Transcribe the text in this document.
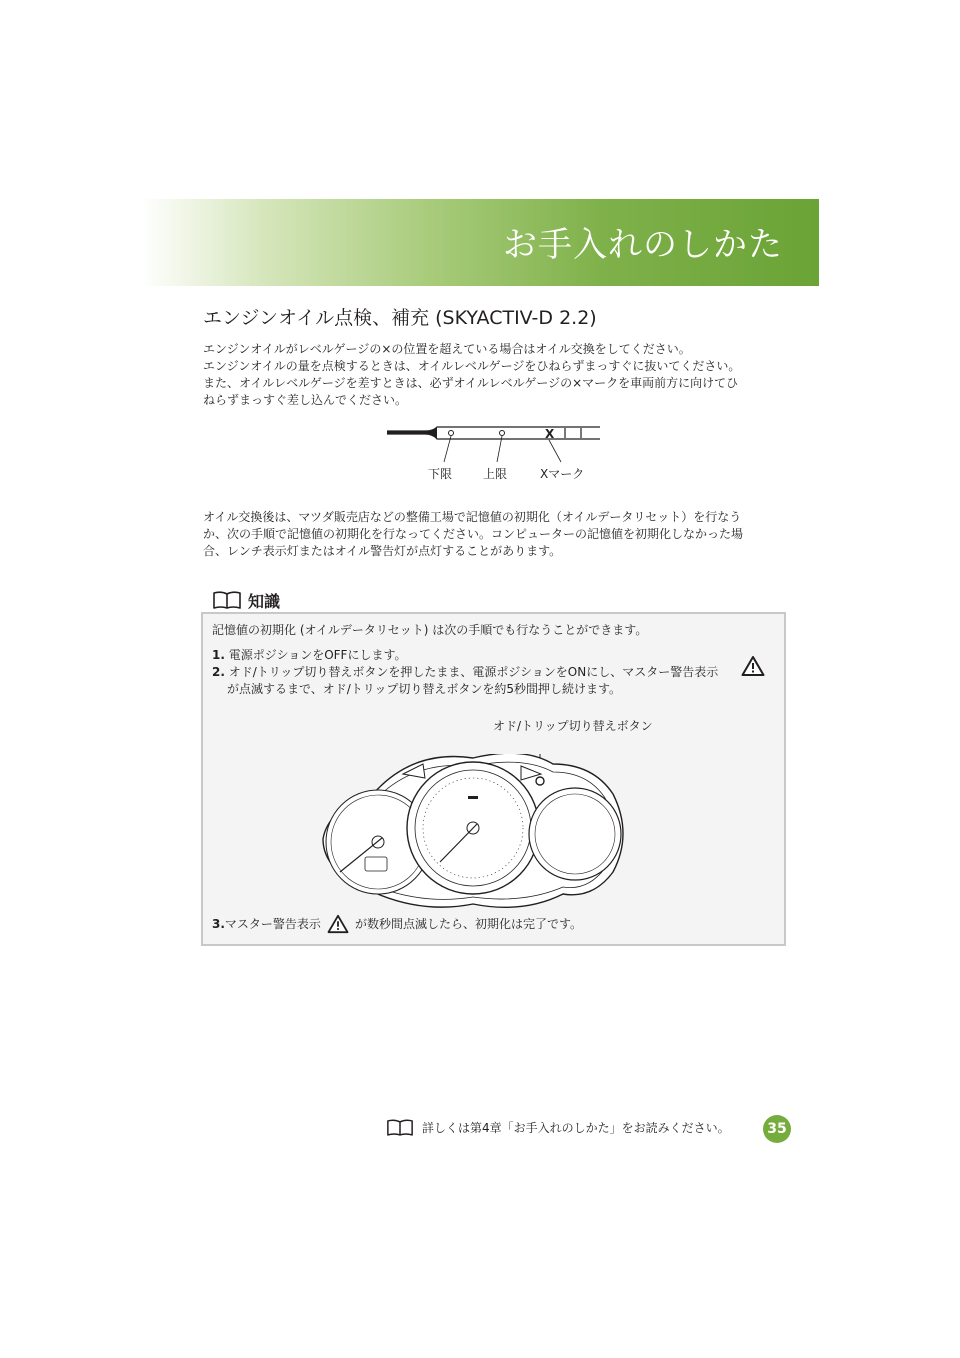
お手入れのしかた
エンジンオイル点検、補充 (SKYACTIV-D 2.2)

エンジンオイルがレベルゲージの×の位置を超えている場合はオイル交換をしてください。

エンジンオイルの量を点検するときは、オイルレベルゲージをひねらずまっすぐに抜いてください。

また、オイルレベルゲージを差すときは、必ずオイルレベルゲージの×マークを車両前方に向けてひ

ねらずまっすぐ差し込んでください。

X
下限	上限	Xマーク

オイル交換後は、マツダ販売店などの整備工場で記憶値の初期化（オイルデータリセット）を行なう

か、次の手順で記憶値の初期化を行なってください。コンピューターの記憶値を初期化しなかった場

合、レンチ表示灯またはオイル警告灯が点灯することがあります。

知識
記憶値の初期化 (オイルデータリセット) は次の手順でも行なうことができます。
1. 電源ポジションをOFFにします。
2. オド/トリップ切り替えボタンを押したまま、電源ポジションをONにし、マスター警告表示
が点滅するまで、オド/トリップ切り替えボタンを約5秒間押し続けます。
オド/トリップ切り替えボタン
3. マスター警告表示	が数秒間点滅したら、初期化は完了です。
詳しくは第4章「お手入れのしかた」をお読みください。	35
